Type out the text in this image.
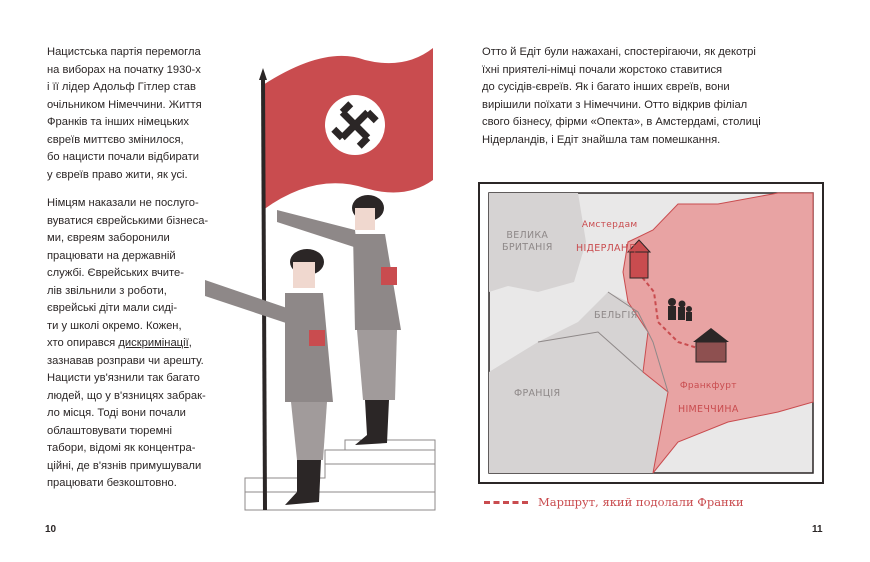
Нацистська партія перемогла
на виборах на початку 1930-х
і її лідер Адольф Гітлер став
очільником Німеччини. Життя
Франків та інших німецьких
євреїв миттєво змінилося,
бо нацисти почали відбирати
у євреїв право жити, як усі.

Німцям наказали не послуго-
вуватися єврейськими бізнеса-
ми, євреям заборонили
працювати на державній
службі. Єврейських вчите-
лів звільнили з роботи,
єврейські діти мали сиді-
ти у школі окремо. Кожен,
хто опирався дискримінації,
зазнавав розправи чи арешту.
Нацисти ув'язнили так багато
людей, що у в'язницях забрак-
ло місця. Тоді вони почали
облаштовувати тюремні
табори, відомі як концентра-
ційні, де в'язнів примушували
працювати безкоштовно.

Отто й Едіт були нажахані, спостерігаючи, як декотрі
їхні приятелі-німці почали жорстоко ставитися
до сусідів-євреїв. Як і багато інших євреїв, вони
вирішили поїхати з Німеччини. Отто відкрив філіал
свого бізнесу, фірми «Опекта», в Амстердамі, столиці
Нідерландів, і Едіт знайшла там помешкання.

Амстердам

НІДЕРЛАНДИ

ВЕЛИКА
БРИТАНІЯ
БЕЛЬГІЯ
ФРАНЦІЯ

Франкфурт

НІМЕЧЧИНА

Маршрут, який подолали Франки
10	11
